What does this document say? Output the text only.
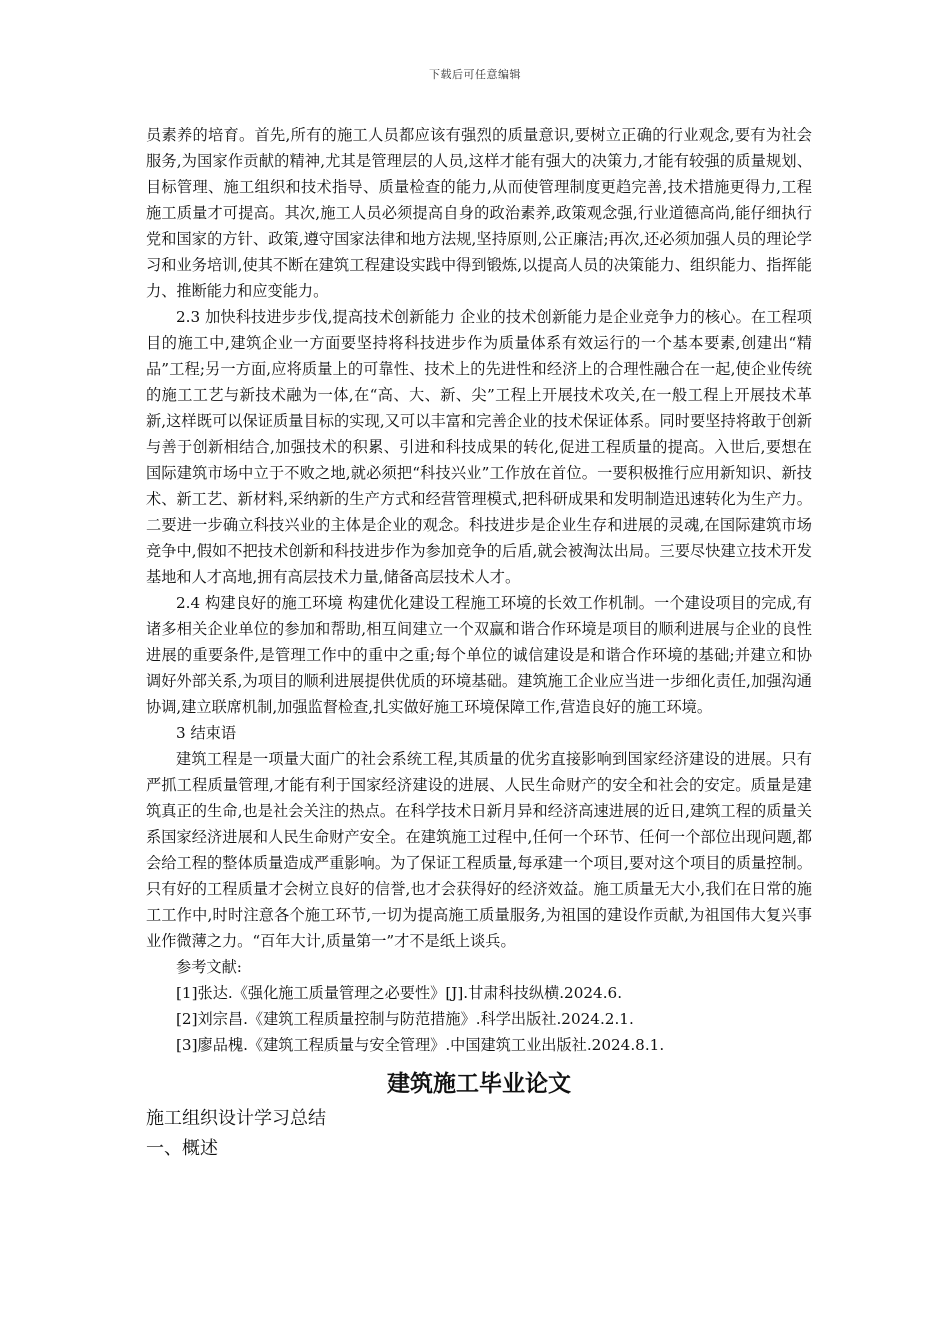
下载后可任意编辑

员素养的培育。首先,所有的施工人员都应该有强烈的质量意识,要树立正确的行业观念,要有为社会服务,为国家作贡献的精神,尤其是管理层的人员,这样才能有强大的决策力,才能有较强的质量规划、目标管理、施工组织和技术指导、质量检查的能力,从而使管理制度更趋完善,技术措施更得力,工程施工质量才可提高。其次,施工人员必须提高自身的政治素养,政策观念强,行业道德高尚,能仔细执行党和国家的方针、政策,遵守国家法律和地方法规,坚持原则,公正廉洁;再次,还必须加强人员的理论学习和业务培训,使其不断在建筑工程建设实践中得到锻炼,以提高人员的决策能力、组织能力、指挥能力、推断能力和应变能力。

2.3 加快科技进步步伐,提高技术创新能力 企业的技术创新能力是企业竞争力的核心。在工程项目的施工中,建筑企业一方面要坚持将科技进步作为质量体系有效运行的一个基本要素,创建出“精品”工程;另一方面,应将质量上的可靠性、技术上的先进性和经济上的合理性融合在一起,使企业传统的施工工艺与新技术融为一体,在“高、大、新、尖”工程上开展技术攻关,在一般工程上开展技术革新,这样既可以保证质量目标的实现,又可以丰富和完善企业的技术保证体系。同时要坚持将敢于创新与善于创新相结合,加强技术的积累、引进和科技成果的转化,促进工程质量的提高。入世后,要想在国际建筑市场中立于不败之地,就必须把“科技兴业”工作放在首位。一要积极推行应用新知识、新技术、新工艺、新材料,采纳新的生产方式和经营管理模式,把科研成果和发明制造迅速转化为生产力。二要进一步确立科技兴业的主体是企业的观念。科技进步是企业生存和进展的灵魂,在国际建筑市场竞争中,假如不把技术创新和科技进步作为参加竞争的后盾,就会被淘汰出局。三要尽快建立技术开发基地和人才高地,拥有高层技术力量,储备高层技术人才。

2.4 构建良好的施工环境 构建优化建设工程施工环境的长效工作机制。一个建设项目的完成,有诸多相关企业单位的参加和帮助,相互间建立一个双赢和谐合作环境是项目的顺利进展与企业的良性进展的重要条件,是管理工作中的重中之重;每个单位的诚信建设是和谐合作环境的基础;并建立和协调好外部关系,为项目的顺利进展提供优质的环境基础。建筑施工企业应当进一步细化责任,加强沟通协调,建立联席机制,加强监督检查,扎实做好施工环境保障工作,营造良好的施工环境。

3 结束语

建筑工程是一项量大面广的社会系统工程,其质量的优劣直接影响到国家经济建设的进展。只有严抓工程质量管理,才能有利于国家经济建设的进展、人民生命财产的安全和社会的安定。质量是建筑真正的生命,也是社会关注的热点。在科学技术日新月异和经济高速进展的近日,建筑工程的质量关系国家经济进展和人民生命财产安全。在建筑施工过程中,任何一个环节、任何一个部位出现问题,都会给工程的整体质量造成严重影响。为了保证工程质量,每承建一个项目,要对这个项目的质量控制。只有好的工程质量才会树立良好的信誉,也才会获得好的经济效益。施工质量无大小,我们在日常的施工工作中,时时注意各个施工环节,一切为提高施工质量服务,为祖国的建设作贡献,为祖国伟大复兴事业作微薄之力。“百年大计,质量第一”才不是纸上谈兵。

参考文献:

[1]张达.《强化施工质量管理之必要性》[J].甘肃科技纵横.2024.6.

[2]刘宗昌.《建筑工程质量控制与防范措施》.科学出版社.2024.2.1.

[3]廖品槐.《建筑工程质量与安全管理》.中国建筑工业出版社.2024.8.1.

建筑施工毕业论文
施工组织设计学习总结
一、概述
